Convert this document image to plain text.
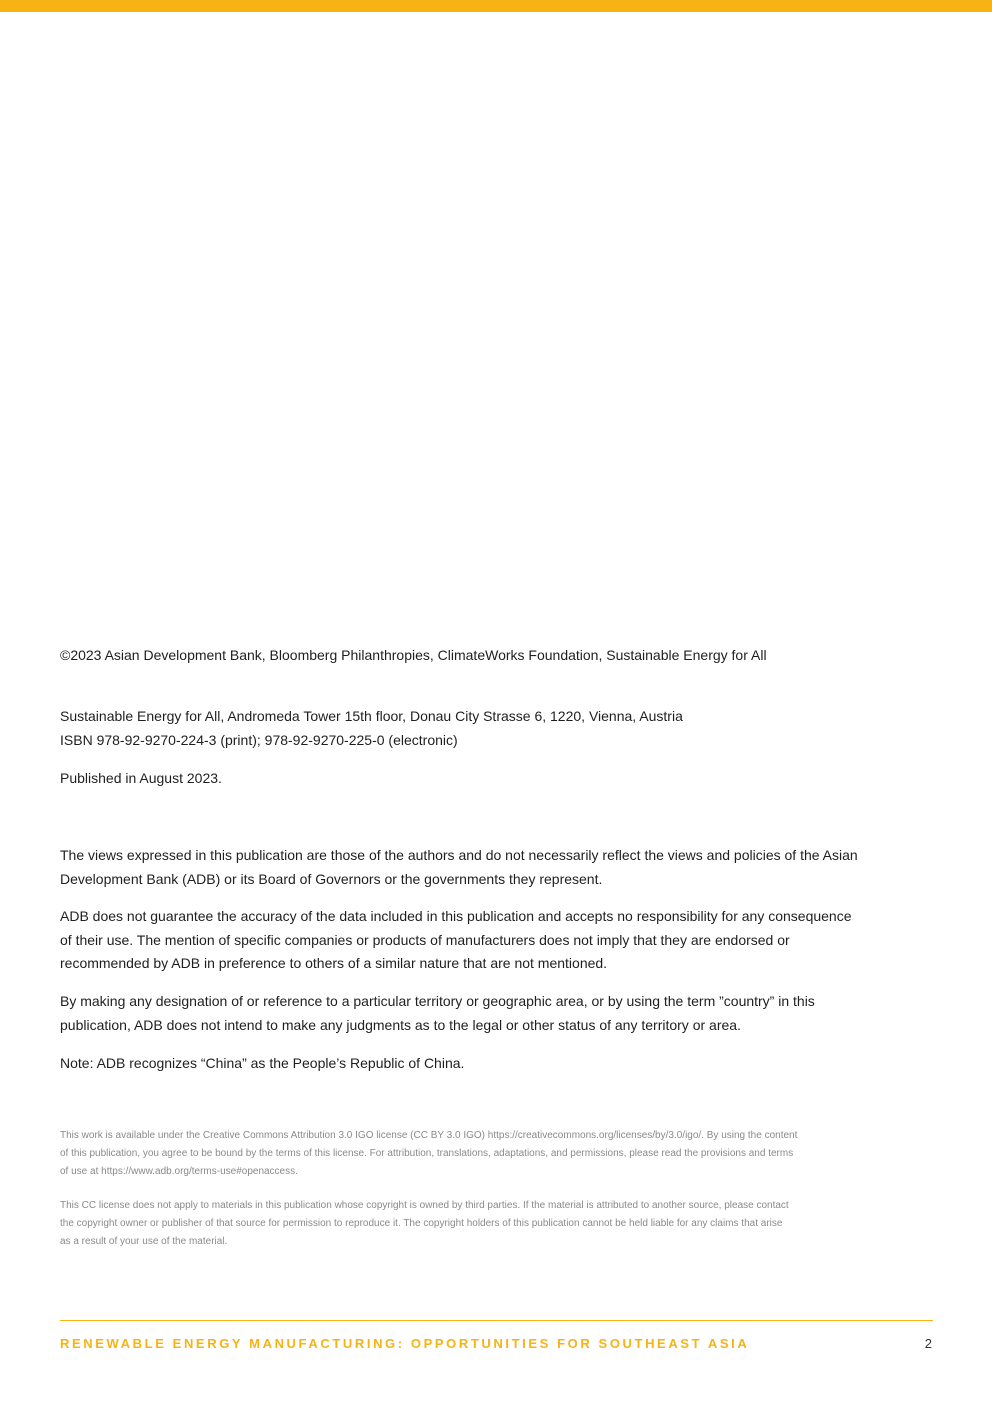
©2023 Asian Development Bank, Bloomberg Philanthropies, ClimateWorks Foundation, Sustainable Energy for All

Sustainable Energy for All, Andromeda Tower 15th floor, Donau City Strasse 6, 1220, Vienna, Austria
ISBN 978-92-9270-224-3 (print); 978-92-9270-225-0 (electronic)

Published in August 2023.

The views expressed in this publication are those of the authors and do not necessarily reflect the views and policies of the Asian
Development Bank (ADB) or its Board of Governors or the governments they represent.

ADB does not guarantee the accuracy of the data included in this publication and accepts no responsibility for any consequence
of their use. The mention of specific companies or products of manufacturers does not imply that they are endorsed or
recommended by ADB in preference to others of a similar nature that are not mentioned.

By making any designation of or reference to a particular territory or geographic area, or by using the term ”country” in this
publication, ADB does not intend to make any judgments as to the legal or other status of any territory or area.

Note: ADB recognizes “China” as the People’s Republic of China.

This work is available under the Creative Commons Attribution 3.0 IGO license (CC BY 3.0 IGO) https://creativecommons.org/licenses/by/3.0/igo/. By using the content
of this publication, you agree to be bound by the terms of this license. For attribution, translations, adaptations, and permissions, please read the provisions and terms
of use at https://www.adb.org/terms-use#openaccess.

This CC license does not apply to materials in this publication whose copyright is owned by third parties. If the material is attributed to another source, please contact
the copyright owner or publisher of that source for permission to reproduce it. The copyright holders of this publication cannot be held liable for any claims that arise
as a result of your use of the material.

RENEWABLE ENERGY MANUFACTURING: OPPORTUNITIES FOR SOUTHEAST ASIA	2
